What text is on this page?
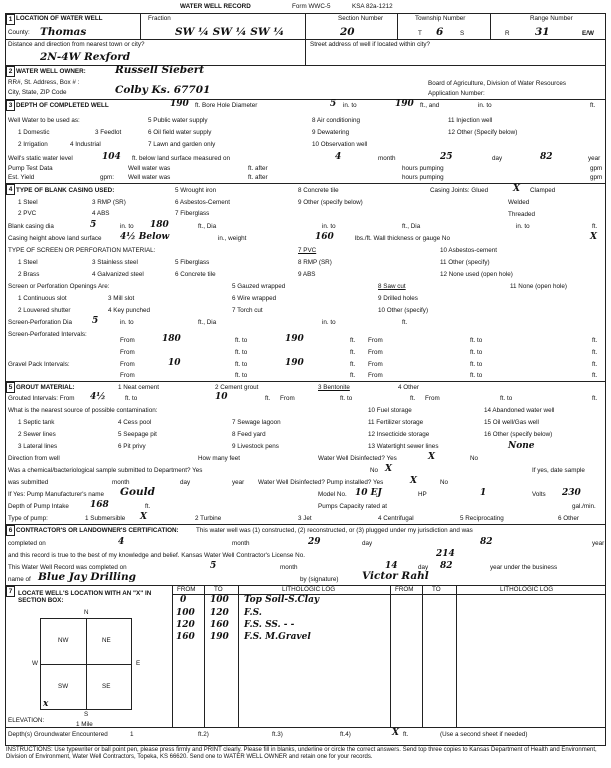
WATER WELL RECORD	Form WWC-5	KSA 82a-1212
1 LOCATION OF WATER WELL
County: Thomas
Fraction
SW ¼ SW ¼ SW ¼
Section Number
20
Township Number
T 6	S
Range Number
R 31	E/W
Distance and direction from nearest town or city?
2N-4W Rexford
Street address of well if located within city?
2 WATER WELL OWNER:	Russell Siebert
RR#, St. Address, Box # :
City, State, ZIP Code	Colby Ks. 67701
Board of Agriculture, Division of Water Resources
Application Number:
3 DEPTH OF COMPLETED WELL	190 ft. Bore Hole Diameter	5 in. to	190 ft., and	in. to	ft.
Well Water to be used as:
1 Domestic	3 Feedlot
5 Public water supply	8 Air conditioning	11 Injection well
2 Irrigation	4 Industrial
6 Oil field water supply	9 Dewatering	12 Other (Specify below)
7 Lawn and garden only	10 Observation well
Well's static water level	104 ft. below land surface measured on	4	month	25	day	82	year
Pump Test Data	Well water was	ft. after	hours pumping	gpm
Est. Yield	gpm: Well water was	ft. after	hours pumping	gpm
4 TYPE OF BLANK CASING USED:
1 Steel	3 RMP (SR)
5 Wrought iron
6 Asbestos-Cement
7 Fiberglass
8 Concrete tile
9 Other (specify below)
2 PVC	4 ABS
Casing Joints: Glued	X Clamped
Welded
Threaded
Blank casing dia	5	in. to 180	ft., Dia	in. to	ft., Dia	in. to	ft.
Casing height above land surface 4½ Below	in., weight	160	lbs./ft. Wall thickness or gauge No	X
TYPE OF SCREEN OR PERFORATION MATERIAL:
1 Steel	3 Stainless steel	5 Fiberglass
7 PVC	10 Asbestos-cement
2 Brass	4 Galvanized steel	6 Concrete tile
8 RMP (SR)	11 Other (specify)
9 ABS	12 None used (open hole)
Screen or Perforation Openings Are:
1 Continuous slot	3 Mill slot
5 Gauzed wrapped	8 Saw cut	11 None (open hole)
2 Louvered shutter	4 Key punched
6 Wire wrapped
7 Torch cut
9 Drilled holes
10 Other (specify)
Screen-Perforation Dia 5	in. to	ft., Dia	in. to	ft.
Screen-Perforated Intervals:
From	180	ft. to	190	ft. From	ft. to	ft.
From	ft. to	ft. From	ft. to	ft.
Gravel Pack Intervals:	From	10	ft. to	190	ft. From	ft. to	ft.
From	ft. to	ft. From	ft. to	ft.
5 GROUT MATERIAL:	1 Neat cement	2 Cement grout	3 Bentonite	4 Other
Grouted Intervals: From 4½	ft. to	10	ft. From	ft. to	ft. From	ft. to	ft.
What is the nearest source of possible contamination:
1 Septic tank	4 Cess pool	7 Sewage lagoon
10 Fuel storage	14 Abandoned water well
2 Sewer lines	5 Seepage pit	8 Feed yard
11 Fertilizer storage	15 Oil well/Gas well
3 Lateral lines	6 Pit privy	9 Livestock pens
12 Insecticide storage
13 Watertight sewer lines
16 Other (specify below)
None
Direction from well	How many feet	Water Well Disinfected? Yes	X	No
Was a chemical/bacteriological sample submitted to Department? Yes	X
No	If yes, date sample
was submitted	month	day	year Water Well Disinfected? Pump installed? Yes	X	No
If Yes: Pump Manufacturer's name Gould	Model No. 10 EJ	HP	1	Volts 230
Depth of Pump Intake 168	ft.	Pumps Capacity rated at	gal./min.
Type of pump:	1 Submersible X	2 Turbine	3 Jet	4 Centrifugal	5 Reciprocating	6 Other
6 CONTRACTOR'S OR LANDOWNER'S CERTIFICATION:	This water well was (1) constructed, (2) reconstructed, or (3) plugged under my jurisdiction and was
completed on	4	month	29	day	82	year
and this record is true to the best of my knowledge and belief. Kansas Water Well Contractor's License No.	214
This Water Well Record was completed on	5	month	14	day 82	year under the business
name of Blue Jay Drilling	by (signature) Victor Rahl
7 LOCATE WELL'S LOCATION WITH AN "X" IN SECTION BOX:
N
S
E
W
NW	NE
SW	SE
x
1 Mile
FROM	TO	LITHOLOGIC LOG	FROM	TO	LITHOLOGIC LOG
0	100 Top Soil-S.Clay
100 120 F.S.
120 160 F.S. SS. - -
160 190 F.S. M.Gravel
ELEVATION:
Depth(s) Groundwater Encountered	1	ft.2)	ft.3)	ft.4)	X ft.	(Use a second sheet if needed)
INSTRUCTIONS: Use typewriter or ball point pen, please press firmly and PRINT clearly. Please fill in blanks, underline or circle the correct answers. Send top three copies to Kansas Department of Health and Environment, Division of Environment, Water Well Contractors, Topeka, KS 66620. Send one to WATER WELL OWNER and retain one for your records.
